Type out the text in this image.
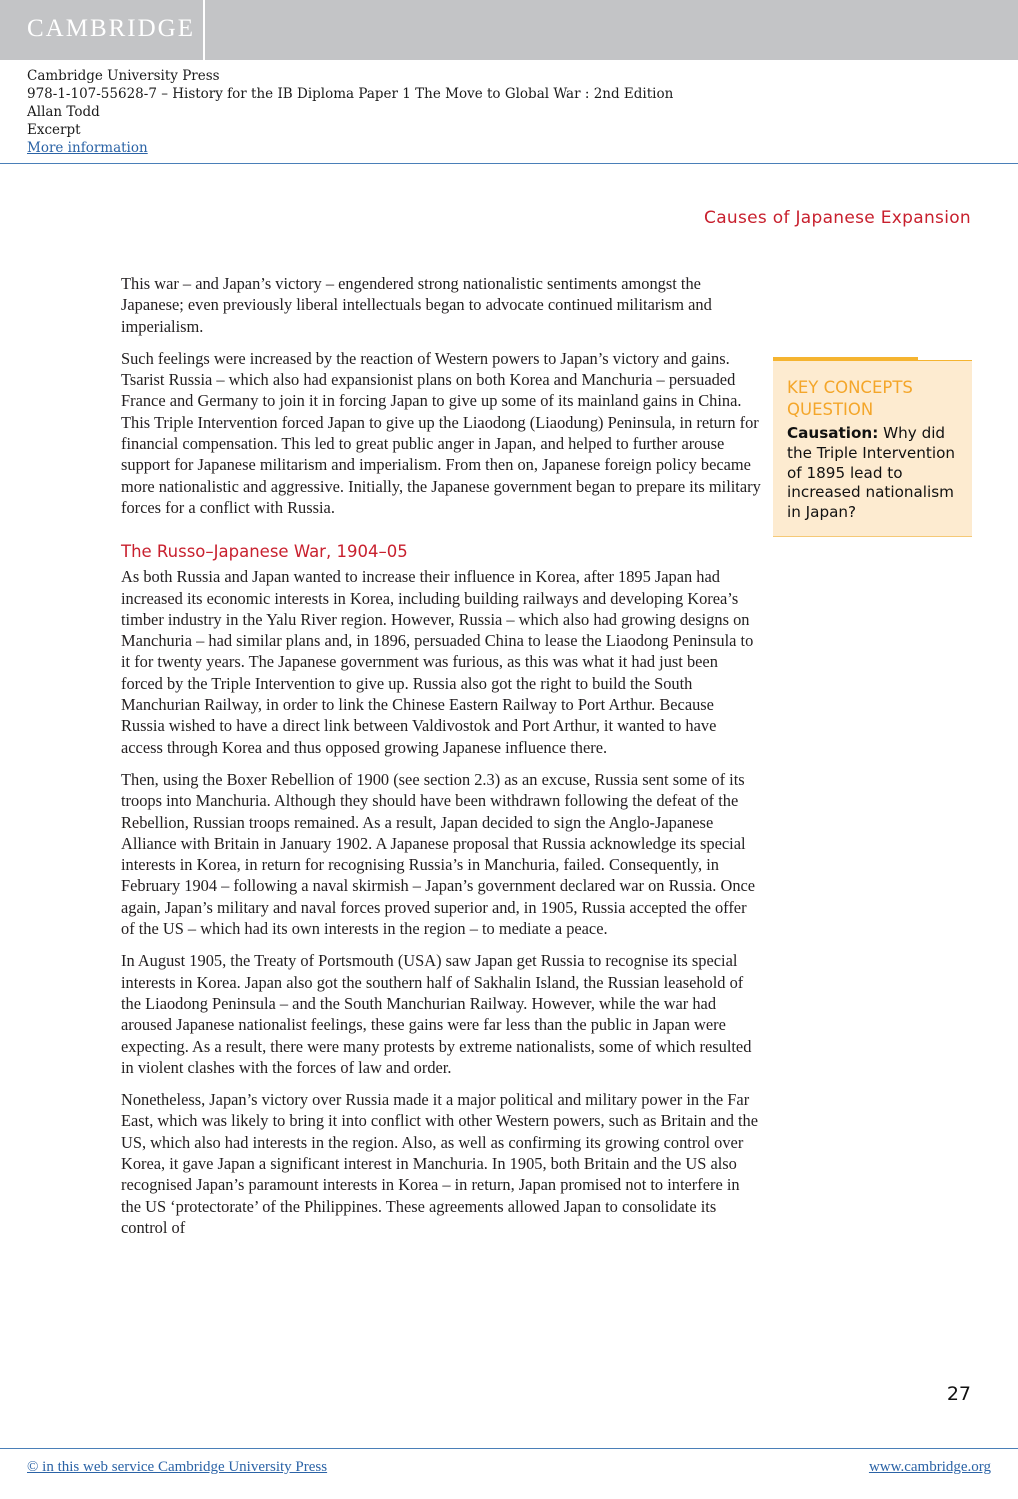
CAMBRIDGE
Cambridge University Press
978-1-107-55628-7 – History for the IB Diploma Paper 1 The Move to Global War : 2nd Edition
Allan Todd
Excerpt
More information
Causes of Japanese Expansion

This war – and Japan’s victory – engendered strong nationalistic sentiments amongst the Japanese; even previously liberal intellectuals began to advocate continued militarism and imperialism.

Such feelings were increased by the reaction of Western powers to Japan’s victory and gains. Tsarist Russia – which also had expansionist plans on both Korea and Manchuria – persuaded France and Germany to join it in forcing Japan to give up some of its mainland gains in China. This Triple Intervention forced Japan to give up the Liaodong (Liaodung) Peninsula, in return for financial compensation. This led to great public anger in Japan, and helped to further arouse support for Japanese militarism and imperialism. From then on, Japanese foreign policy became more nationalistic and aggressive. Initially, the Japanese government began to prepare its military forces for a conflict with Russia.

The Russo–Japanese War, 1904–05

As both Russia and Japan wanted to increase their influence in Korea, after 1895 Japan had increased its economic interests in Korea, including building railways and developing Korea’s timber industry in the Yalu River region. However, Russia – which also had growing designs on Manchuria – had similar plans and, in 1896, persuaded China to lease the Liaodong Peninsula to it for twenty years. The Japanese government was furious, as this was what it had just been forced by the Triple Intervention to give up. Russia also got the right to build the South Manchurian Railway, in order to link the Chinese Eastern Railway to Port Arthur. Because Russia wished to have a direct link between Valdivostok and Port Arthur, it wanted to have access through Korea and thus opposed growing Japanese influence there.

Then, using the Boxer Rebellion of 1900 (see section 2.3) as an excuse, Russia sent some of its troops into Manchuria. Although they should have been withdrawn following the defeat of the Rebellion, Russian troops remained. As a result, Japan decided to sign the Anglo-Japanese Alliance with Britain in January 1902. A Japanese proposal that Russia acknowledge its special interests in Korea, in return for recognising Russia’s in Manchuria, failed. Consequently, in February 1904 – following a naval skirmish – Japan’s government declared war on Russia. Once again, Japan’s military and naval forces proved superior and, in 1905, Russia accepted the offer of the US – which had its own interests in the region – to mediate a peace.

In August 1905, the Treaty of Portsmouth (USA) saw Japan get Russia to recognise its special interests in Korea. Japan also got the southern half of Sakhalin Island, the Russian leasehold of the Liaodong Peninsula – and the South Manchurian Railway. However, while the war had aroused Japanese nationalist feelings, these gains were far less than the public in Japan were expecting. As a result, there were many protests by extreme nationalists, some of which resulted in violent clashes with the forces of law and order.

Nonetheless, Japan’s victory over Russia made it a major political and military power in the Far East, which was likely to bring it into conflict with other Western powers, such as Britain and the US, which also had interests in the region. Also, as well as confirming its growing control over Korea, it gave Japan a significant interest in Manchuria. In 1905, both Britain and the US also recognised Japan’s paramount interests in Korea – in return, Japan promised not to interfere in the US ‘protectorate’ of the Philippines. These agreements allowed Japan to consolidate its control of

KEY CONCEPTS
QUESTION
Causation: Why did the Triple Intervention of 1895 lead to increased nationalism in Japan?
27
© in this web service Cambridge University Press	www.cambridge.org
